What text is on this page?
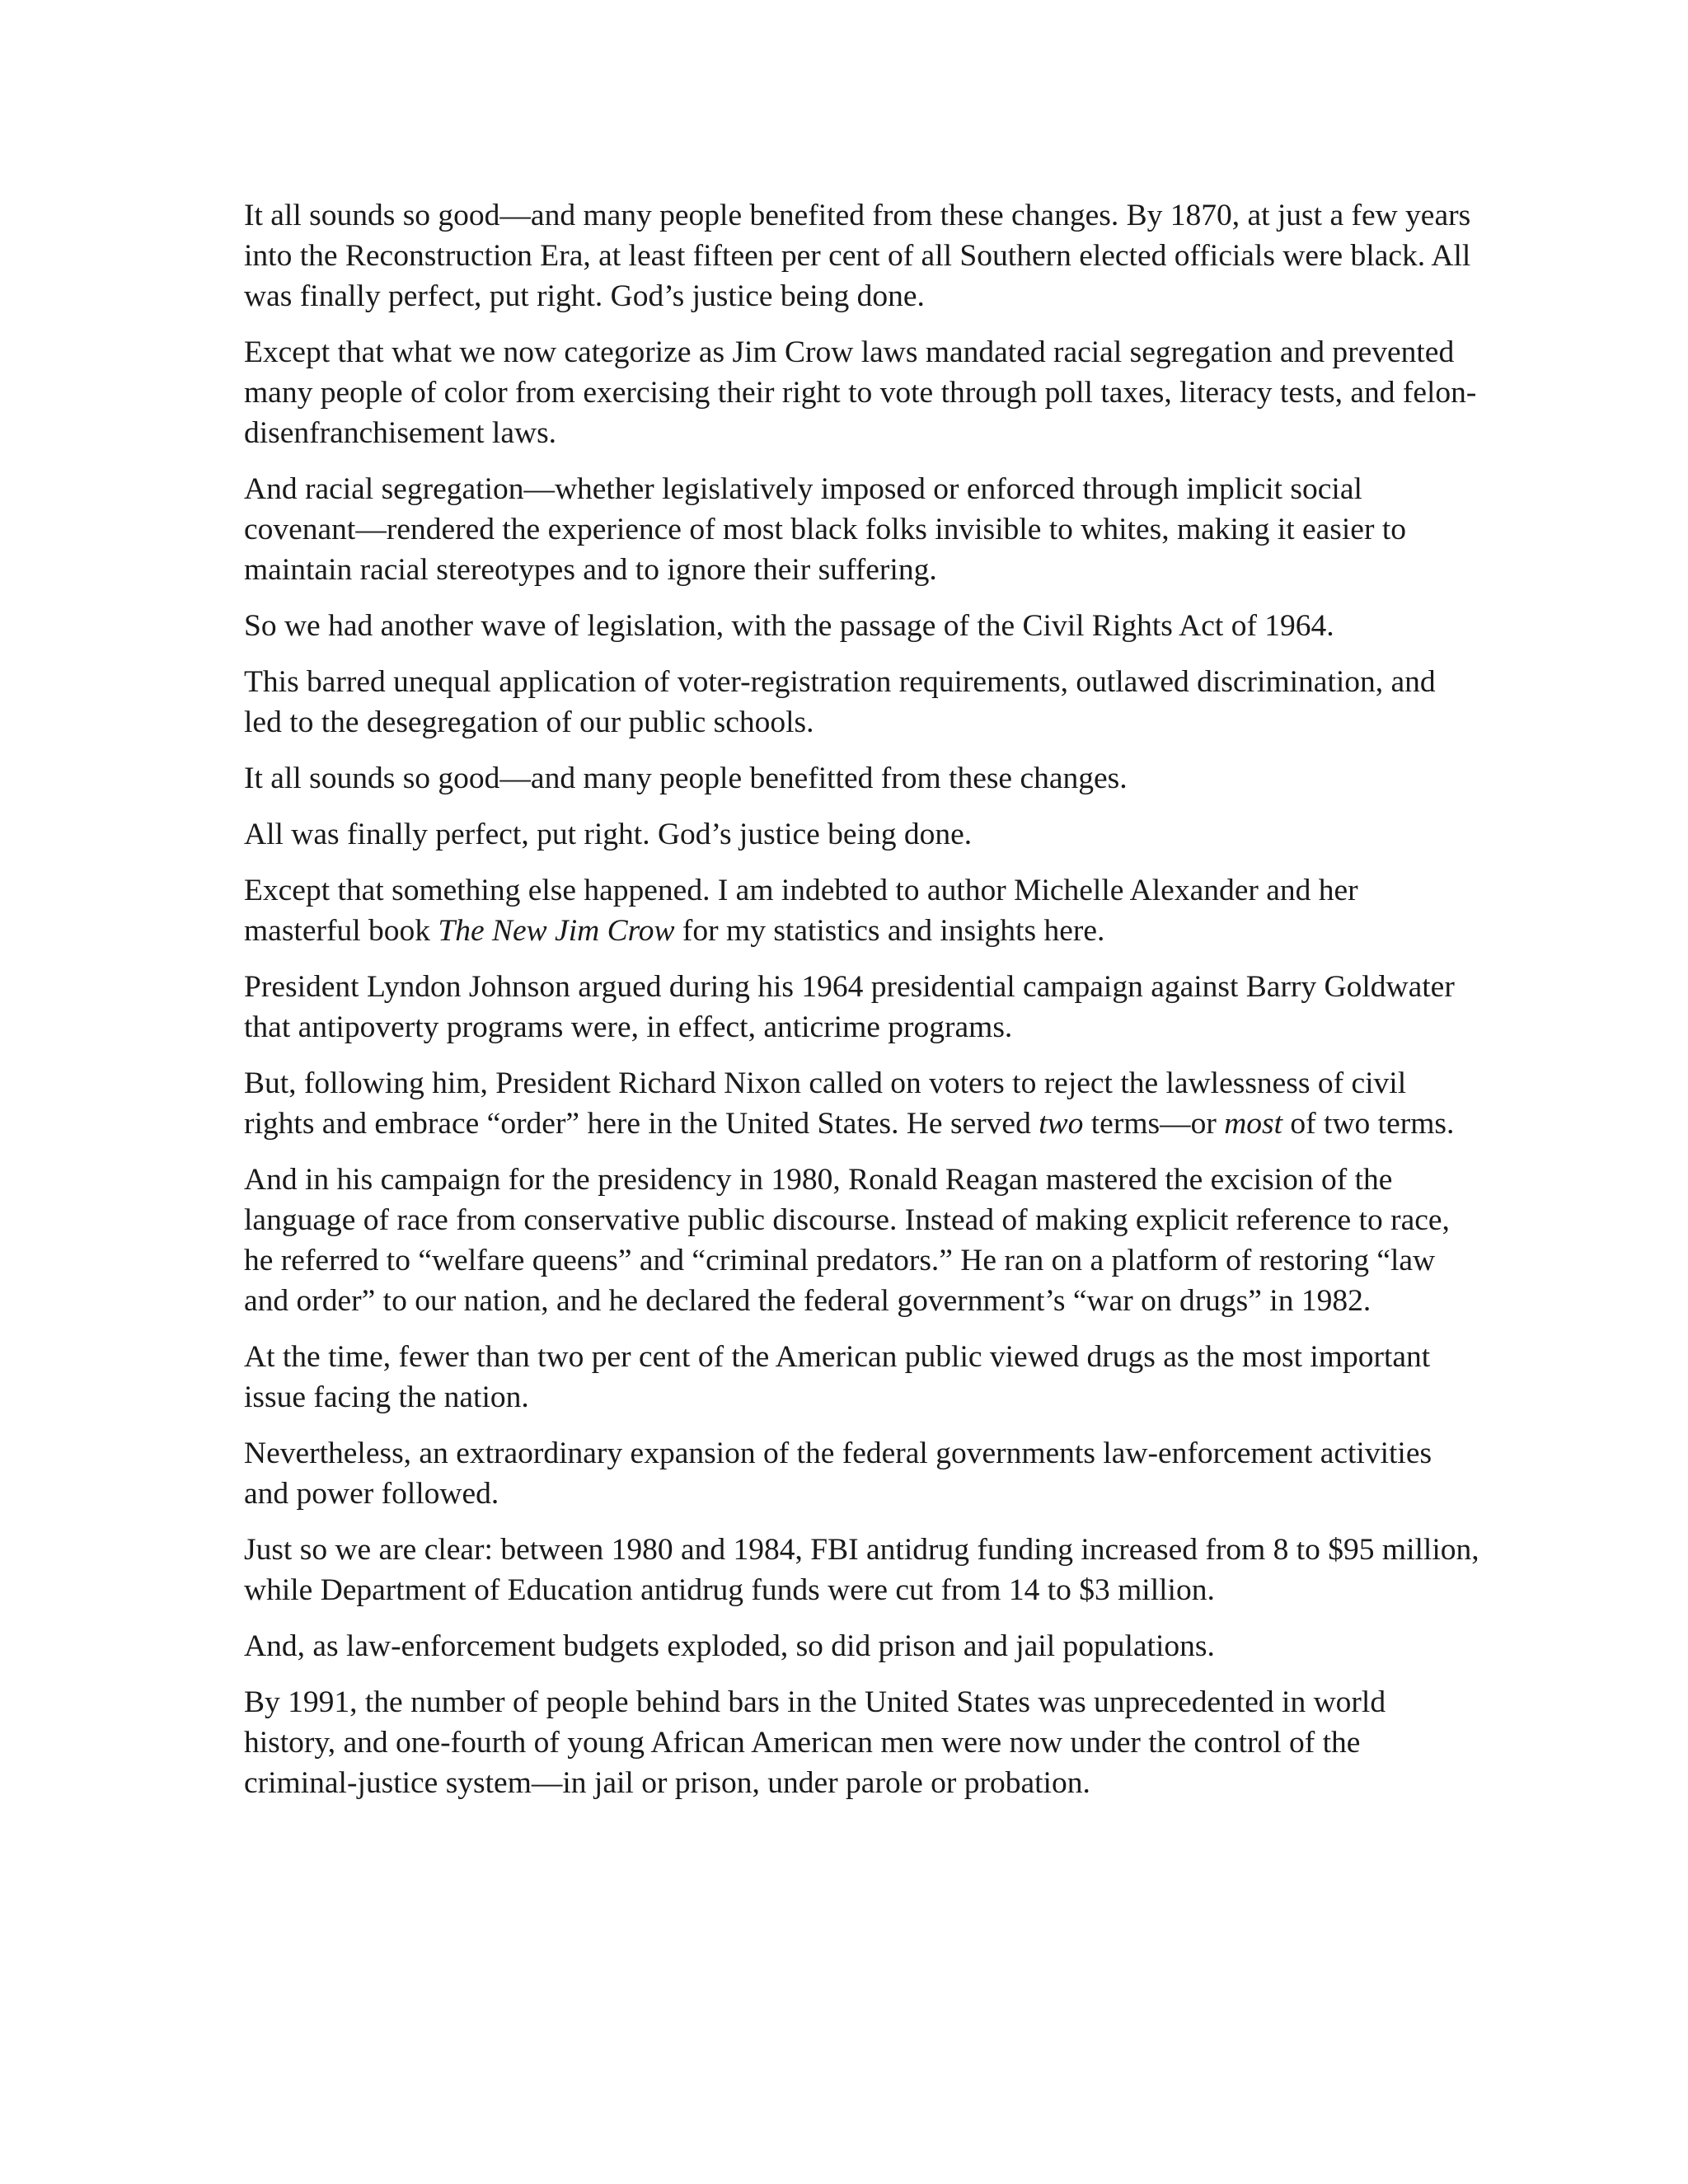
It all sounds so good—and many people benefited from these changes. By 1870, at just a few years into the Reconstruction Era, at least fifteen per cent of all Southern elected officials were black. All was finally perfect, put right. God’s justice being done.

Except that what we now categorize as Jim Crow laws mandated racial segregation and prevented many people of color from exercising their right to vote through poll taxes, literacy tests, and felon-disenfranchisement laws.

And racial segregation—whether legislatively imposed or enforced through implicit social covenant—rendered the experience of most black folks invisible to whites, making it easier to maintain racial stereotypes and to ignore their suffering.

So we had another wave of legislation, with the passage of the Civil Rights Act of 1964.

This barred unequal application of voter-registration requirements, outlawed discrimination, and led to the desegregation of our public schools.

It all sounds so good—and many people benefitted from these changes.

All was finally perfect, put right. God’s justice being done.

Except that something else happened. I am indebted to author Michelle Alexander and her masterful book The New Jim Crow for my statistics and insights here.

President Lyndon Johnson argued during his 1964 presidential campaign against Barry Goldwater that antipoverty programs were, in effect, anticrime programs.

But, following him, President Richard Nixon called on voters to reject the lawlessness of civil rights and embrace “order” here in the United States. He served two terms—or most of two terms.

And in his campaign for the presidency in 1980, Ronald Reagan mastered the excision of the language of race from conservative public discourse. Instead of making explicit reference to race, he referred to “welfare queens” and “criminal predators.” He ran on a platform of restoring “law and order” to our nation, and he declared the federal government’s “war on drugs” in 1982.

At the time, fewer than two per cent of the American public viewed drugs as the most important issue facing the nation.

Nevertheless, an extraordinary expansion of the federal governments law-enforcement activities and power followed.

Just so we are clear: between 1980 and 1984, FBI antidrug funding increased from 8 to $95 million, while Department of Education antidrug funds were cut from 14 to $3 million.

And, as law-enforcement budgets exploded, so did prison and jail populations.

By 1991, the number of people behind bars in the United States was unprecedented in world history, and one-fourth of young African American men were now under the control of the criminal-justice system—in jail or prison, under parole or probation.
